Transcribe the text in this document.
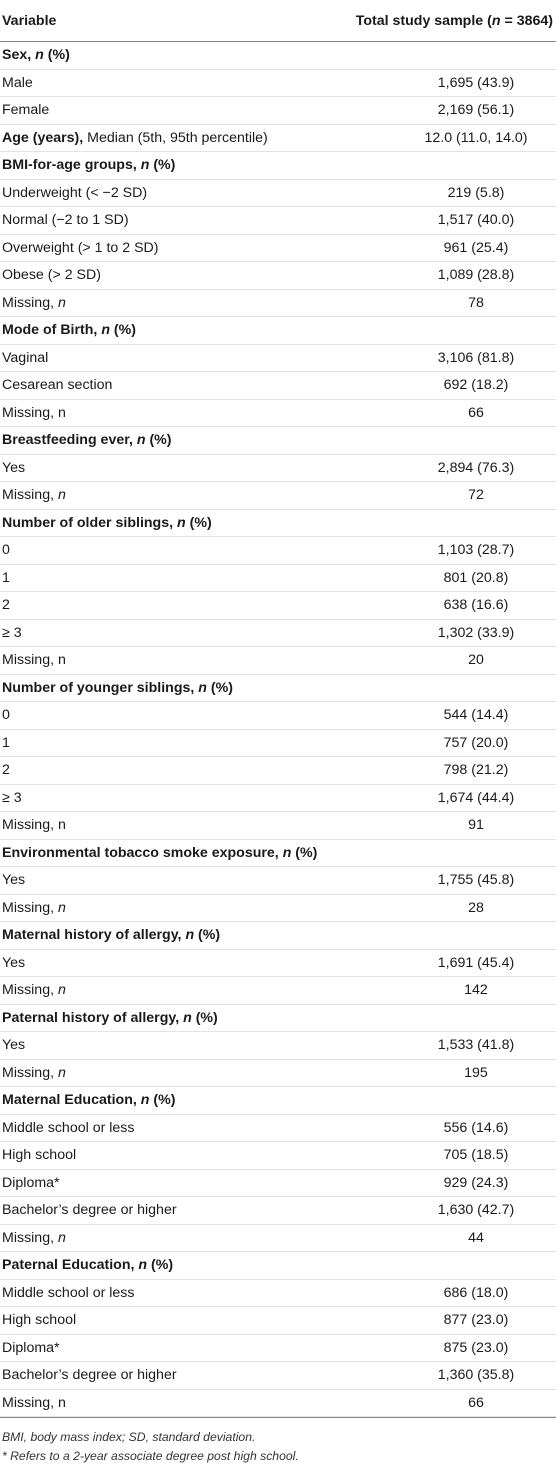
Variable	Total study sample (n = 3864)
Sex, n (%)	
Male	1,695 (43.9)
Female	2,169 (56.1)
Age (years), Median (5th, 95th percentile)	12.0 (11.0, 14.0)
BMI-for-age groups, n (%)	
Underweight (< −2 SD)	219 (5.8)
Normal (−2 to 1 SD)	1,517 (40.0)
Overweight (> 1 to 2 SD)	961 (25.4)
Obese (> 2 SD)	1,089 (28.8)
Missing, n	78
Mode of Birth, n (%)	
Vaginal	3,106 (81.8)
Cesarean section	692 (18.2)
Missing, n	66
Breastfeeding ever, n (%)	
Yes	2,894 (76.3)
Missing, n	72
Number of older siblings, n (%)	
0	1,103 (28.7)
1	801 (20.8)
2	638 (16.6)
≥ 3	1,302 (33.9)
Missing, n	20
Number of younger siblings, n (%)	
0	544 (14.4)
1	757 (20.0)
2	798 (21.2)
≥ 3	1,674 (44.4)
Missing, n	91
Environmental tobacco smoke exposure, n (%)	
Yes	1,755 (45.8)
Missing, n	28
Maternal history of allergy, n (%)	
Yes	1,691 (45.4)
Missing, n	142
Paternal history of allergy, n (%)	
Yes	1,533 (41.8)
Missing, n	195
Maternal Education, n (%)	
Middle school or less	556 (14.6)
High school	705 (18.5)
Diploma*	929 (24.3)
Bachelor’s degree or higher	1,630 (42.7)
Missing, n	44
Paternal Education, n (%)	
Middle school or less	686 (18.0)
High school	877 (23.0)
Diploma*	875 (23.0)
Bachelor’s degree or higher	1,360 (35.8)
Missing, n	66
BMI, body mass index; SD, standard deviation.
* Refers to a 2-year associate degree post high school.
